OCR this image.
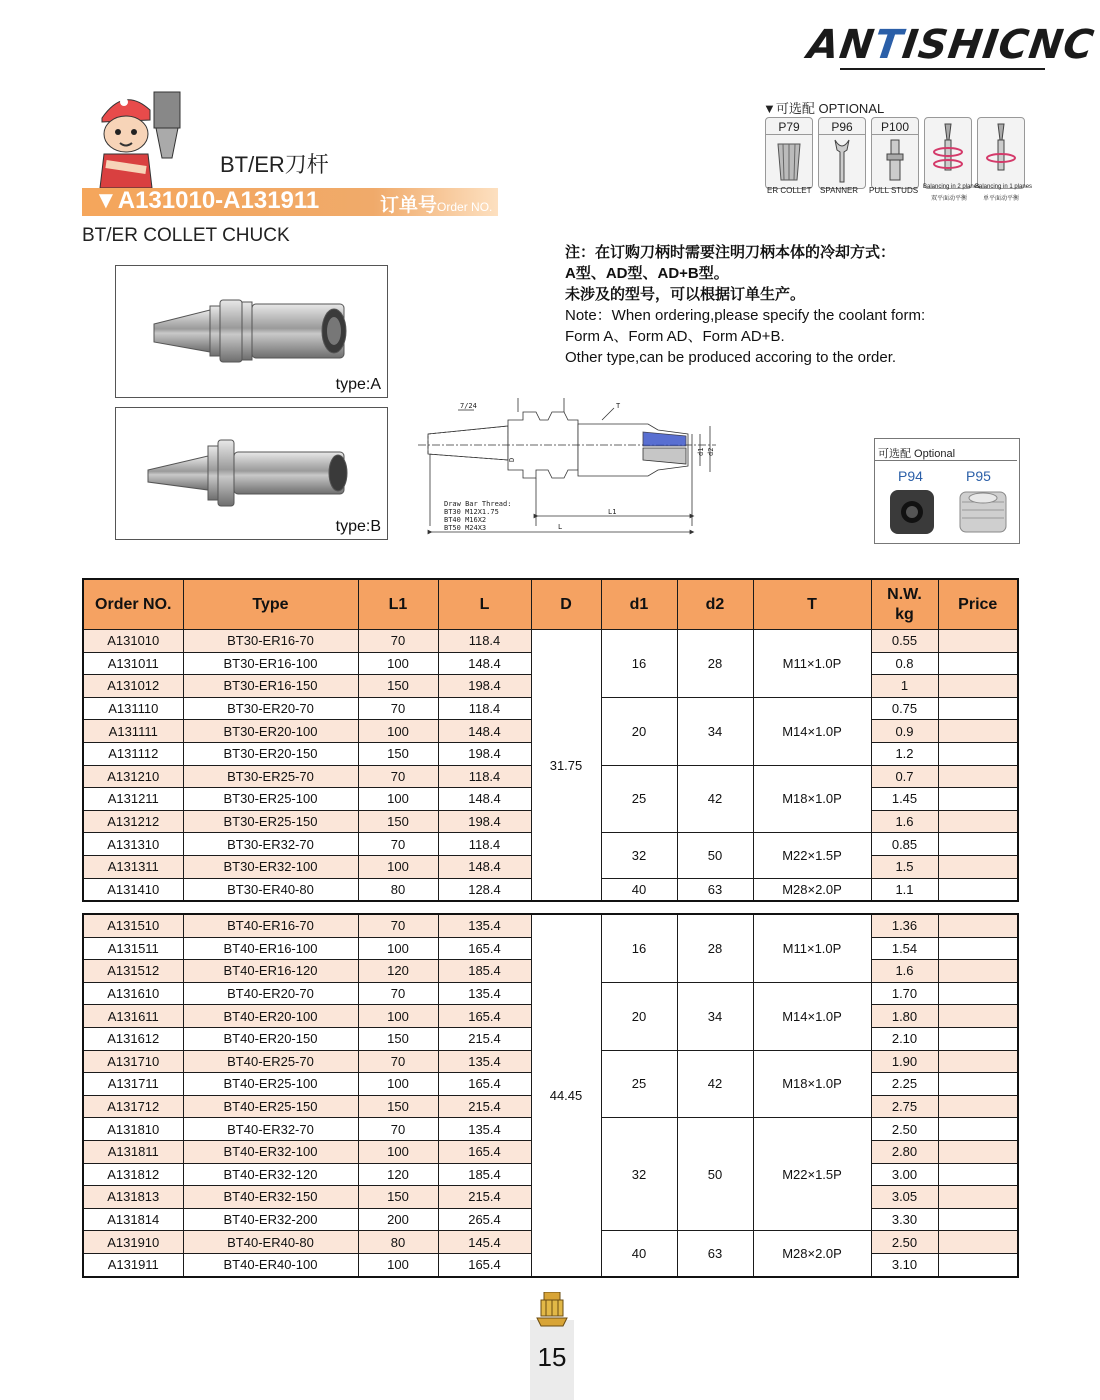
ANTISHICNC
▼可选配 OPTIONAL
P79	P96	P100
ER COLLET SPANNER PULL STUDS Balancing in 2 planes
双平面动平衡
Balancing in 1 planes
单平面动平衡
BT/ER刀杆
▼A131010-A131911	订单号Order NO.
BT/ER COLLET CHUCK
type:A
type:B
注：在订购刀柄时需要注明刀柄本体的冷却方式：
A型、AD型、AD+B型。
未涉及的型号，可以根据订单生产。
Note：When ordering,please specify the coolant form:
Form A、Form AD、Form AD+B.
Other type,can be produced accoring to the order.
7/24	T
L1
L
D
d1 d2
Draw Bar Thread:
BT30 M12X1.75
BT40 M16X2
BT50 M24X3
可选配 Optional
P94	P95
Order NO.	Type	L1	L	D	d1	d2	T	N.W.
kg	Price
A131010	BT30-ER16-70	70	118.4	31.75	16	28	M11×1.0P	0.55	
A131011	BT30-ER16-100	100	148.4					0.8	
A131012	BT30-ER16-150	150	198.4					1	
A131110	BT30-ER20-70	70	118.4		20	34	M14×1.0P	0.75	
A131111	BT30-ER20-100	100	148.4					0.9	
A131112	BT30-ER20-150	150	198.4					1.2	
A131210	BT30-ER25-70	70	118.4		25	42	M18×1.0P	0.7	
A131211	BT30-ER25-100	100	148.4					1.45	
A131212	BT30-ER25-150	150	198.4					1.6	
A131310	BT30-ER32-70	70	118.4		32	50	M22×1.5P	0.85	
A131311	BT30-ER32-100	100	148.4					1.5	
A131410	BT30-ER40-80	80	128.4		40	63	M28×2.0P	1.1	
A131510	BT40-ER16-70	70	135.4	44.45	16	28	M11×1.0P	1.36	
A131511	BT40-ER16-100	100	165.4					1.54	
A131512	BT40-ER16-120	120	185.4					1.6	
A131610	BT40-ER20-70	70	135.4		20	34	M14×1.0P	1.70	
A131611	BT40-ER20-100	100	165.4					1.80	
A131612	BT40-ER20-150	150	215.4					2.10	
A131710	BT40-ER25-70	70	135.4		25	42	M18×1.0P	1.90	
A131711	BT40-ER25-100	100	165.4					2.25	
A131712	BT40-ER25-150	150	215.4					2.75	
A131810	BT40-ER32-70	70	135.4		32	50	M22×1.5P	2.50	
A131811	BT40-ER32-100	100	165.4					2.80	
A131812	BT40-ER32-120	120	185.4					3.00	
A131813	BT40-ER32-150	150	215.4					3.05	
A131814	BT40-ER32-200	200	265.4					3.30	
A131910	BT40-ER40-80	80	145.4		40	63	M28×2.0P	2.50	
A131911	BT40-ER40-100	100	165.4					3.10	
15
